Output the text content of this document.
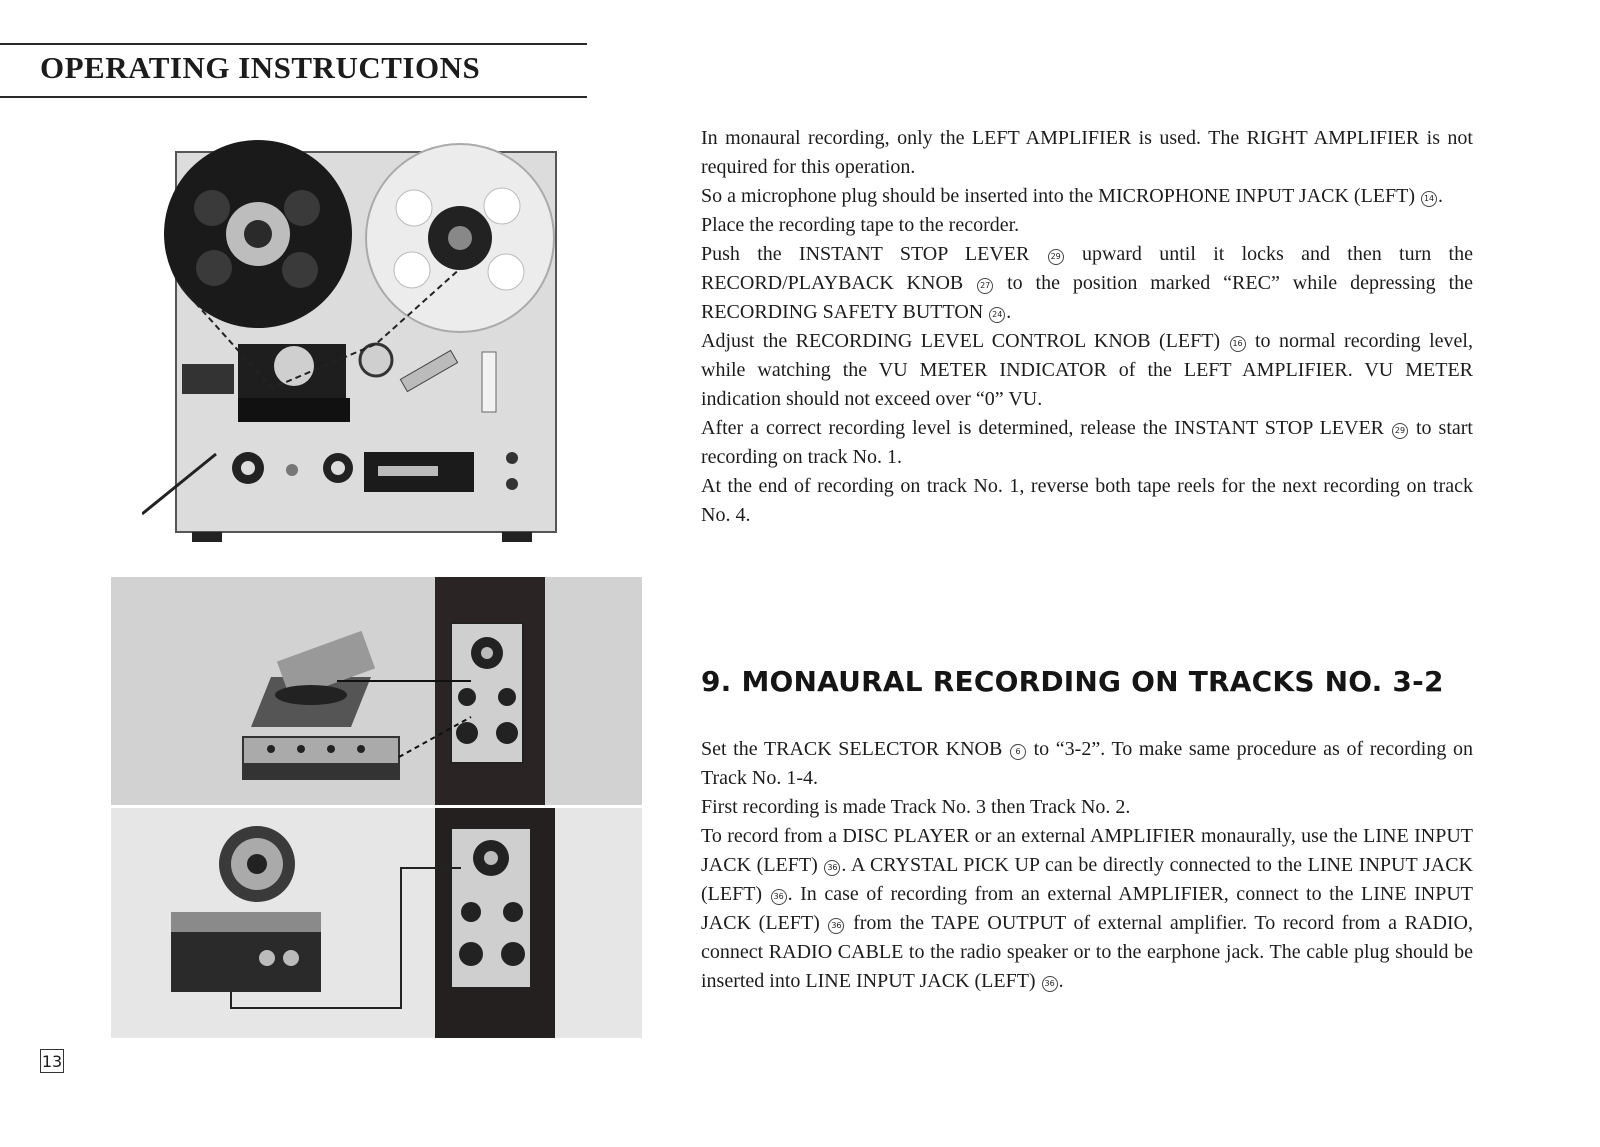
OPERATING INSTRUCTIONS
13

In monaural recording, only the LEFT AMPLIFIER is used. The RIGHT AMPLIFIER is not required for this operation.

So a microphone plug should be inserted into the MICROPHONE INPUT JACK (LEFT) 14 .

Place the recording tape to the recorder.

Push the INSTANT STOP LEVER 29 upward until it locks and then turn the RECORD/PLAYBACK KNOB 27 to the position marked “REC” while depressing the RECORDING SAFETY BUTTON 24 .

Adjust the RECORDING LEVEL CONTROL KNOB (LEFT) 16 to normal recording level, while watching the VU METER INDICATOR of the LEFT AMPLIFIER. VU METER indication should not exceed over “0” VU.

After a correct recording level is determined, release the INSTANT STOP LEVER 29 to start recording on track No. 1.

At the end of recording on track No. 1, reverse both tape reels for the next recording on track No. 4.

9. MONAURAL RECORDING ON TRACKS NO. 3-2

Set the TRACK SELECTOR KNOB 6 to “3-2”. To make same procedure as of recording on Track No. 1-4.

First recording is made Track No. 3 then Track No. 2.

To record from a DISC PLAYER or an external AMPLIFIER monaurally, use the LINE INPUT JACK (LEFT) 36 . A CRYSTAL PICK UP can be directly connected to the LINE INPUT JACK (LEFT) 36 . In case of recording from an external AMPLIFIER, connect to the LINE INPUT JACK (LEFT) 36 from the TAPE OUTPUT of external amplifier. To record from a RADIO, connect RADIO CABLE to the radio speaker or to the earphone jack. The cable plug should be inserted into LINE INPUT JACK (LEFT) 36 .
